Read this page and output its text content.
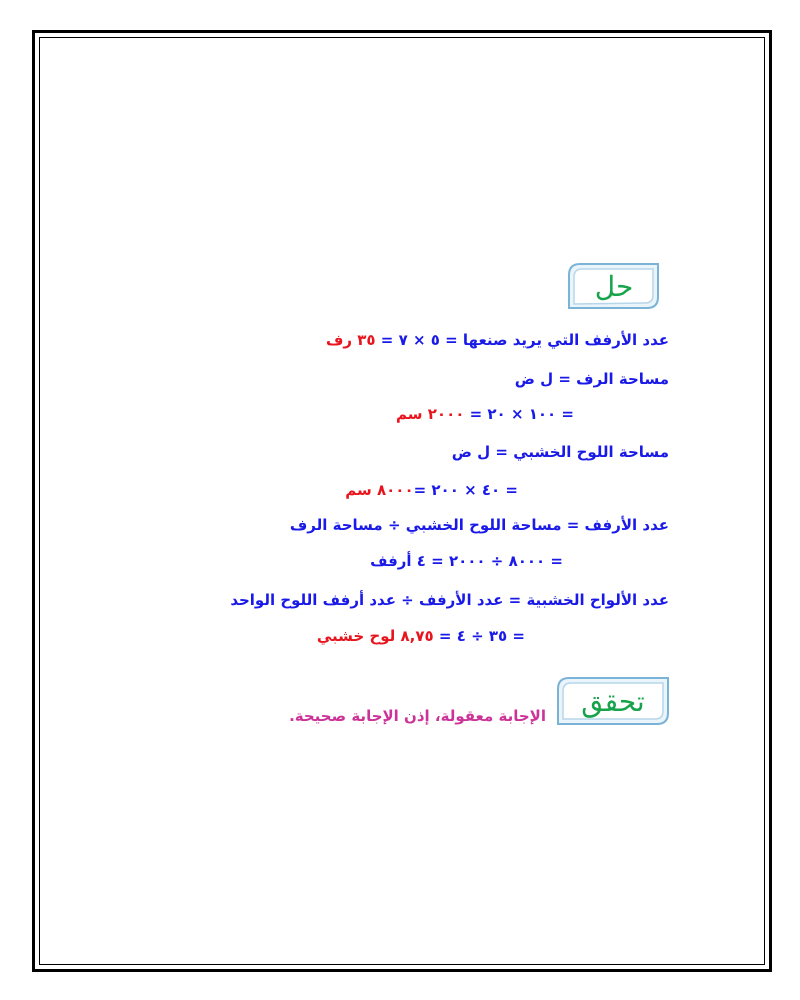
حل
عدد الأرفف التي يريد صنعها = ٥ × ٧ = ٣٥ رف
مساحة الرف = ل ض
= ١٠٠ × ٢٠ = ٢٠٠٠ سم
مساحة اللوح الخشبي = ل ض
= ٤٠ × ٢٠٠ =٨٠٠٠ سم
عدد الأرفف = مساحة اللوح الخشبي ÷ مساحة الرف
= ٨٠٠٠ ÷ ٢٠٠٠ = ٤ أرفف
عدد الألواح الخشبية = عدد الأرفف ÷ عدد أرفف اللوح الواحد
= ٣٥ ÷ ٤ = ٨,٧٥ لوح خشبي
تحقق
الإجابة معقولة، إذن الإجابة صحيحة.
